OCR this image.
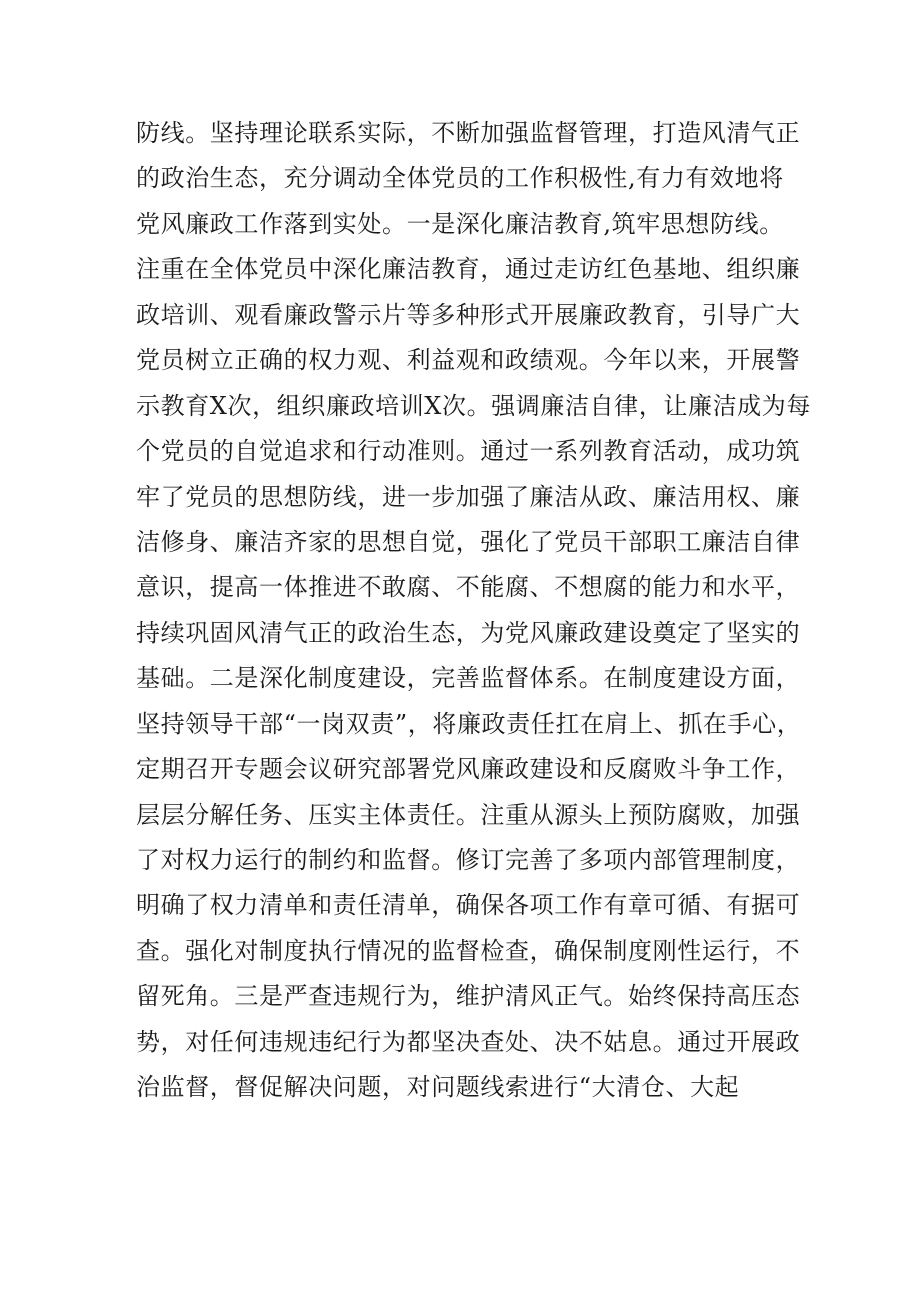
防线。坚持理论联系实际，不断加强监督管理，打造风清气正
的政治生态，充分调动全体党员的工作积极性,有力有效地将
党风廉政工作落到实处。一是深化廉洁教育,筑牢思想防线。
注重在全体党员中深化廉洁教育，通过走访红色基地、组织廉
政培训、观看廉政警示片等多种形式开展廉政教育，引导广大
党员树立正确的权力观、利益观和政绩观。今年以来，开展警
示教育X次，组织廉政培训X次。强调廉洁自律，让廉洁成为每
个党员的自觉追求和行动准则。通过一系列教育活动，成功筑
牢了党员的思想防线，进一步加强了廉洁从政、廉洁用权、廉
洁修身、廉洁齐家的思想自觉，强化了党员干部职工廉洁自律
意识，提高一体推进不敢腐、不能腐、不想腐的能力和水平，
持续巩固风清气正的政治生态，为党风廉政建设奠定了坚实的
基础。二是深化制度建设，完善监督体系。在制度建设方面，
坚持领导干部“一岗双责”，将廉政责任扛在肩上、抓在手心，
定期召开专题会议研究部署党风廉政建设和反腐败斗争工作，
层层分解任务、压实主体责任。注重从源头上预防腐败，加强
了对权力运行的制约和监督。修订完善了多项内部管理制度，
明确了权力清单和责任清单，确保各项工作有章可循、有据可
查。强化对制度执行情况的监督检查，确保制度刚性运行，不
留死角。三是严查违规行为，维护清风正气。始终保持高压态
势，对任何违规违纪行为都坚决查处、决不姑息。通过开展政
治监督，督促解决问题，对问题线索进行“大清仓、大起
